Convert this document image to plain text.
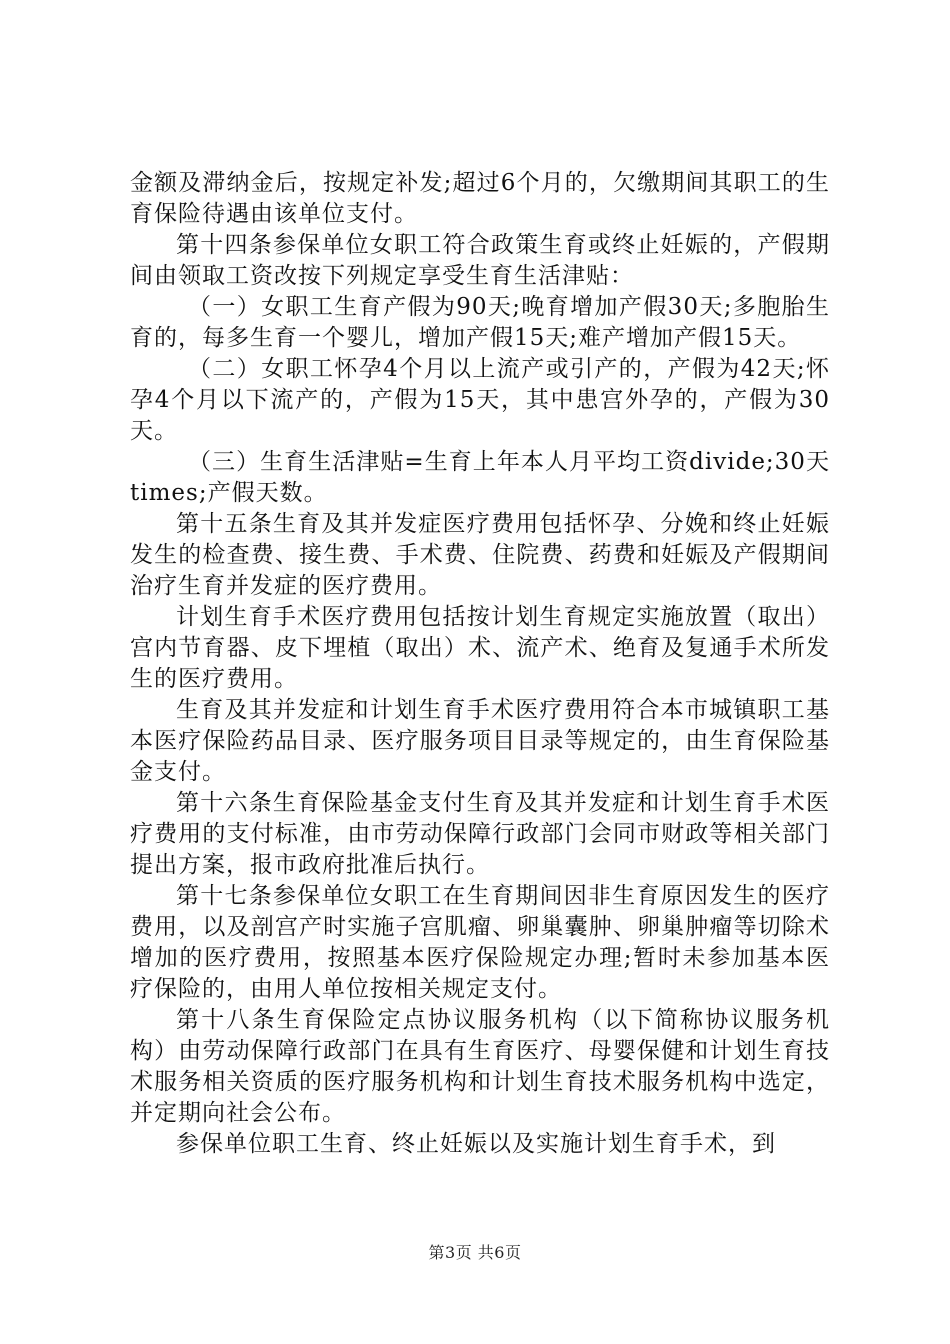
金额及滞纳金后，按规定补发;超过6个月的，欠缴期间其职工的生育保险待遇由该单位支付。

第十四条参保单位女职工符合政策生育或终止妊娠的，产假期间由领取工资改按下列规定享受生育生活津贴：

（一）女职工生育产假为90天;晚育增加产假30天;多胞胎生育的，每多生育一个婴儿，增加产假15天;难产增加产假15天。

（二）女职工怀孕4个月以上流产或引产的，产假为42天;怀孕4个月以下流产的，产假为15天，其中患宫外孕的，产假为30天。

（三）生育生活津贴=生育上年本人月平均工资divide;30天times;产假天数。

第十五条生育及其并发症医疗费用包括怀孕、分娩和终止妊娠发生的检查费、接生费、手术费、住院费、药费和妊娠及产假期间治疗生育并发症的医疗费用。

计划生育手术医疗费用包括按计划生育规定实施放置（取出）宫内节育器、皮下埋植（取出）术、流产术、绝育及复通手术所发生的医疗费用。

生育及其并发症和计划生育手术医疗费用符合本市城镇职工基本医疗保险药品目录、医疗服务项目目录等规定的，由生育保险基金支付。

第十六条生育保险基金支付生育及其并发症和计划生育手术医疗费用的支付标准，由市劳动保障行政部门会同市财政等相关部门提出方案，报市政府批准后执行。

第十七条参保单位女职工在生育期间因非生育原因发生的医疗费用，以及剖宫产时实施子宫肌瘤、卵巢囊肿、卵巢肿瘤等切除术增加的医疗费用，按照基本医疗保险规定办理;暂时未参加基本医疗保险的，由用人单位按相关规定支付。

第十八条生育保险定点协议服务机构（以下简称协议服务机构）由劳动保障行政部门在具有生育医疗、母婴保健和计划生育技术服务相关资质的医疗服务机构和计划生育技术服务机构中选定，并定期向社会公布。

参保单位职工生育、终止妊娠以及实施计划生育手术，到

第3页 共6页
